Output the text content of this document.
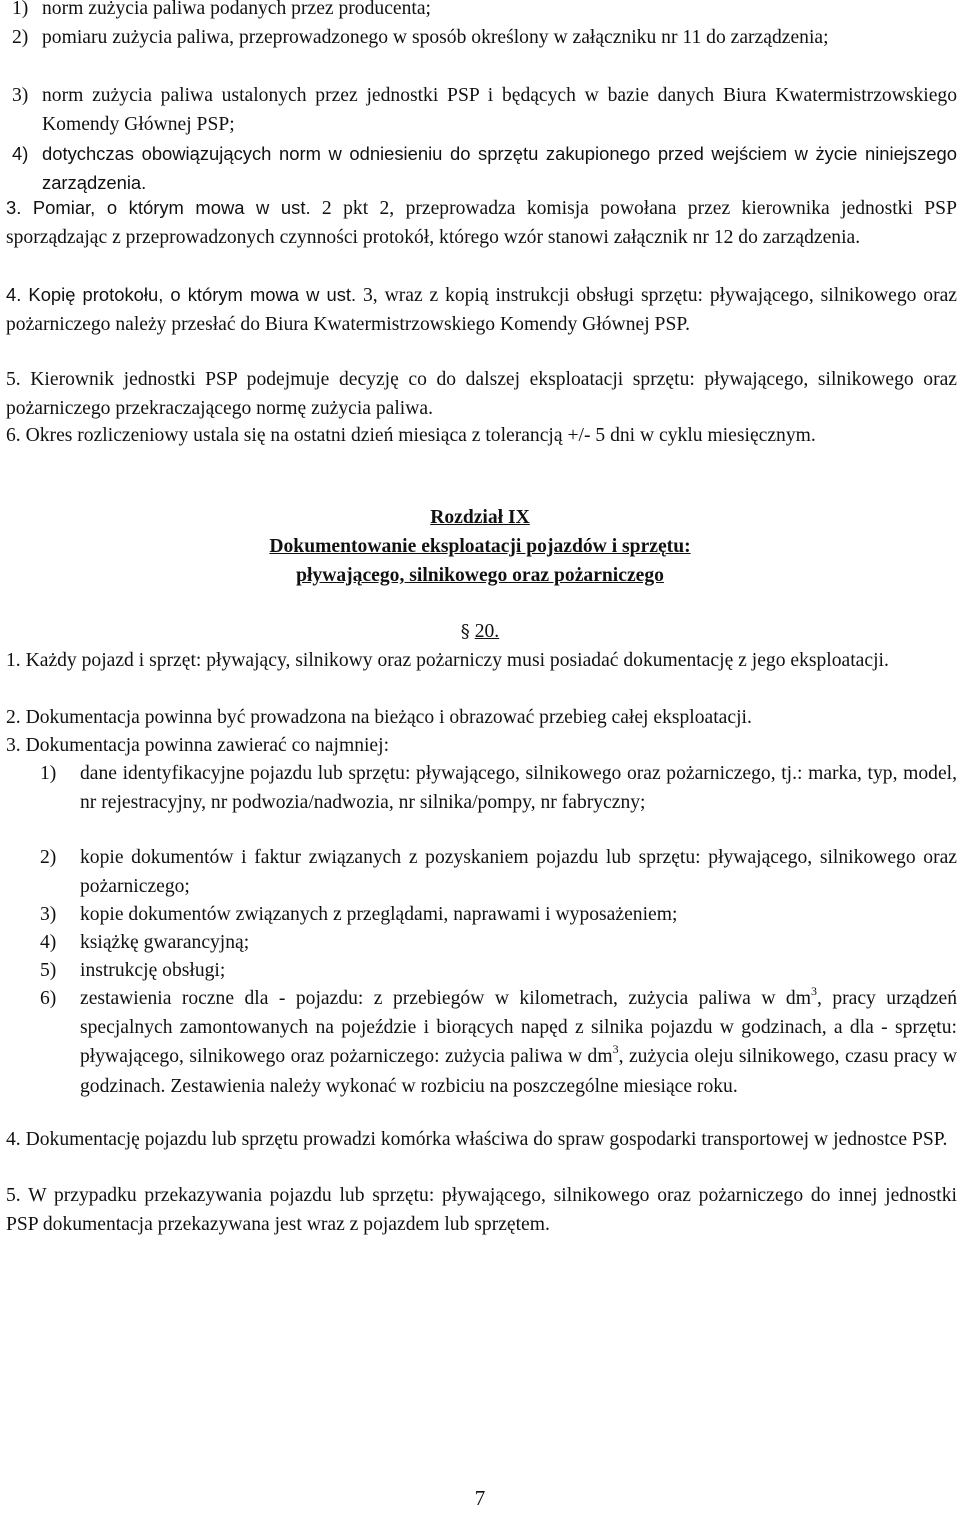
1) norm zużycia paliwa podanych przez producenta;
2) pomiaru zużycia paliwa, przeprowadzonego w sposób określony w załączniku nr 11 do zarządzenia;
3) norm zużycia paliwa ustalonych przez jednostki PSP i będących w bazie danych Biura Kwatermistrzowskiego Komendy Głównej PSP;
4) dotychczas obowiązujących norm w odniesieniu do sprzętu zakupionego przed wejściem w życie niniejszego zarządzenia.

3. Pomiar, o którym mowa w ust. 2 pkt 2, przeprowadza komisja powołana przez kierownika jednostki PSP sporządzając z przeprowadzonych czynności protokół, którego wzór stanowi załącznik nr 12 do zarządzenia.

4. Kopię protokołu, o którym mowa w ust. 3, wraz z kopią instrukcji obsługi sprzętu: pływającego, silnikowego oraz pożarniczego należy przesłać do Biura Kwatermistrzowskiego Komendy Głównej PSP.

5. Kierownik jednostki PSP podejmuje decyzję co do dalszej eksploatacji sprzętu: pływającego, silnikowego oraz pożarniczego przekraczającego normę zużycia paliwa.

6. Okres rozliczeniowy ustala się na ostatni dzień miesiąca z tolerancją +/- 5 dni w cyklu miesięcznym.

Rozdział IX

Dokumentowanie eksploatacji pojazdów i sprzętu:

pływającego, silnikowego oraz pożarniczego

§ 20.

1. Każdy pojazd i sprzęt: pływający, silnikowy oraz pożarniczy musi posiadać dokumentację z jego eksploatacji.

2. Dokumentacja powinna być prowadzona na bieżąco i obrazować przebieg całej eksploatacji.

3. Dokumentacja powinna zawierać co najmniej:

1) dane identyfikacyjne pojazdu lub sprzętu: pływającego, silnikowego oraz pożarniczego, tj.: marka, typ, model, nr rejestracyjny, nr podwozia/nadwozia, nr silnika/pompy, nr fabryczny;
2) kopie dokumentów i faktur związanych z pozyskaniem pojazdu lub sprzętu: pływającego, silnikowego oraz pożarniczego;
3) kopie dokumentów związanych z przeglądami, naprawami i wyposażeniem;
4) książkę gwarancyjną;
5) instrukcję obsługi;
6) zestawienia roczne dla - pojazdu: z przebiegów w kilometrach, zużycia paliwa w $dm^3$, pracy urządzeń specjalnych zamontowanych na pojeździe i biorących napęd z silnika pojazdu w godzinach, a dla - sprzętu: pływającego, silnikowego oraz pożarniczego: zużycia paliwa w $dm^3$, zużycia oleju silnikowego, czasu pracy w godzinach. Zestawienia należy wykonać w rozbiciu na poszczególne miesiące roku.

4. Dokumentację pojazdu lub sprzętu prowadzi komórka właściwa do spraw gospodarki transportowej w jednostce PSP.

5. W przypadku przekazywania pojazdu lub sprzętu: pływającego, silnikowego oraz pożarniczego do innej jednostki PSP dokumentacja przekazywana jest wraz z pojazdem lub sprzętem.

7
